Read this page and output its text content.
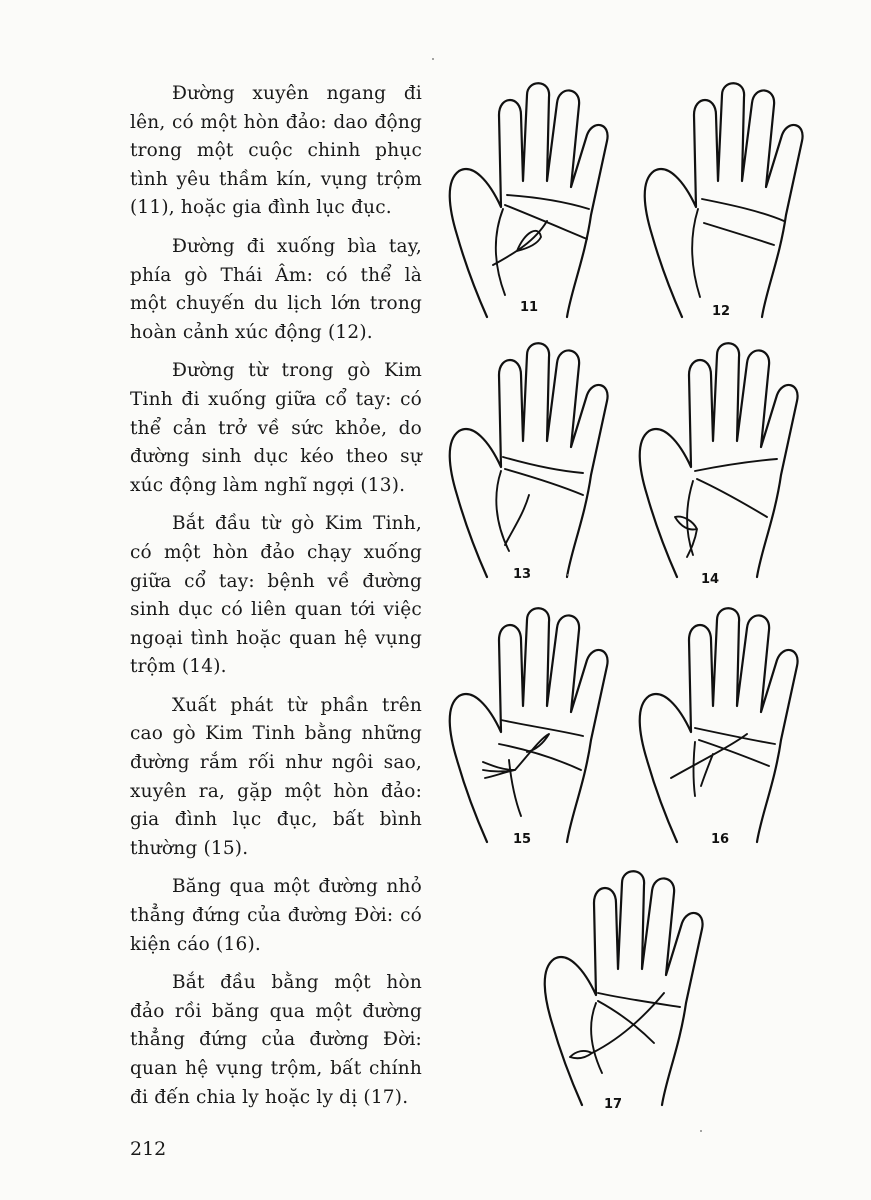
Đường xuyên ngang đi lên, có một hòn đảo: dao động trong một cuộc chinh phục tình yêu thầm kín, vụng trộm (11), hoặc gia đình lục đục.

Đường đi xuống bìa tay, phía gò Thái Âm: có thể là một chuyến du lịch lớn trong hoàn cảnh xúc động (12).

Đường từ trong gò Kim Tinh đi xuống giữa cổ tay: có thể cản trở về sức khỏe, do đường sinh dục kéo theo sự xúc động làm nghĩ ngợi (13).

Bắt đầu từ gò Kim Tinh, có một hòn đảo chạy xuống giữa cổ tay: bệnh về đường sinh dục có liên quan tới việc ngoại tình hoặc quan hệ vụng trộm (14).

Xuất phát từ phần trên cao gò Kim Tinh bằng những đường rắm rối như ngôi sao, xuyên ra, gặp một hòn đảo: gia đình lục đục, bất bình thường (15).

Băng qua một đường nhỏ thẳng đứng của đường Đời: có kiện cáo (16).

Bắt đầu bằng một hòn đảo rồi băng qua một đường thẳng đứng của đường Đời: quan hệ vụng trộm, bất chính đi đến chia ly hoặc ly dị (17).

212
11	12
13	14
15	16
17
